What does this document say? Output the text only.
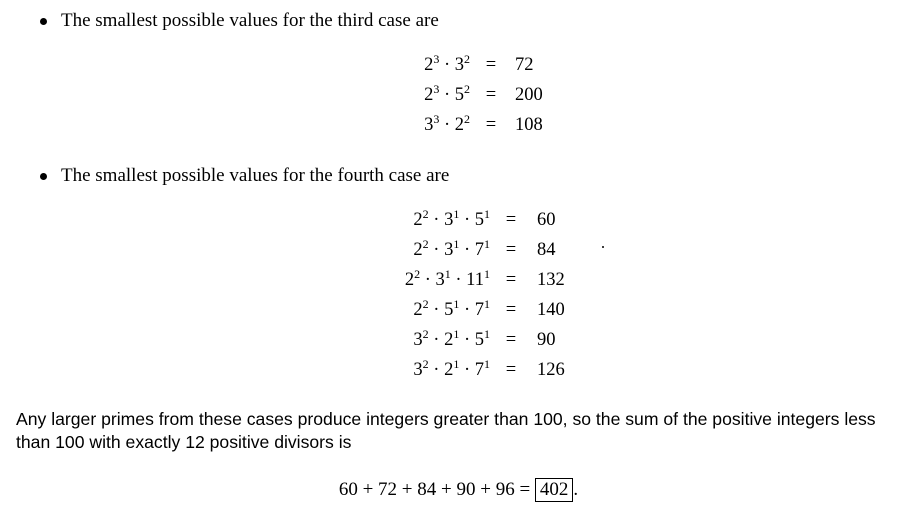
The smallest possible values for the third case are
$2^3 \cdot 3^2 = 72$
$2^3 \cdot 5^2 = 200$
$3^3 \cdot 2^2 = 108$
The smallest possible values for the fourth case are
$2^2 \cdot 3^1 \cdot 5^1 = 60$
$2^2 \cdot 3^1 \cdot 7^1 = 84$
$2^2 \cdot 3^1 \cdot 11^1 = 132$
$2^2 \cdot 5^1 \cdot 7^1 = 140$
$3^2 \cdot 2^1 \cdot 5^1 = 90$
$3^2 \cdot 2^1 \cdot 7^1 = 126$
Any larger primes from these cases produce integers greater than 100, so the sum of the positive integers less than 100 with exactly 12 positive divisors is
60 + 72 + 84 + 90 + 96 = 402 .
